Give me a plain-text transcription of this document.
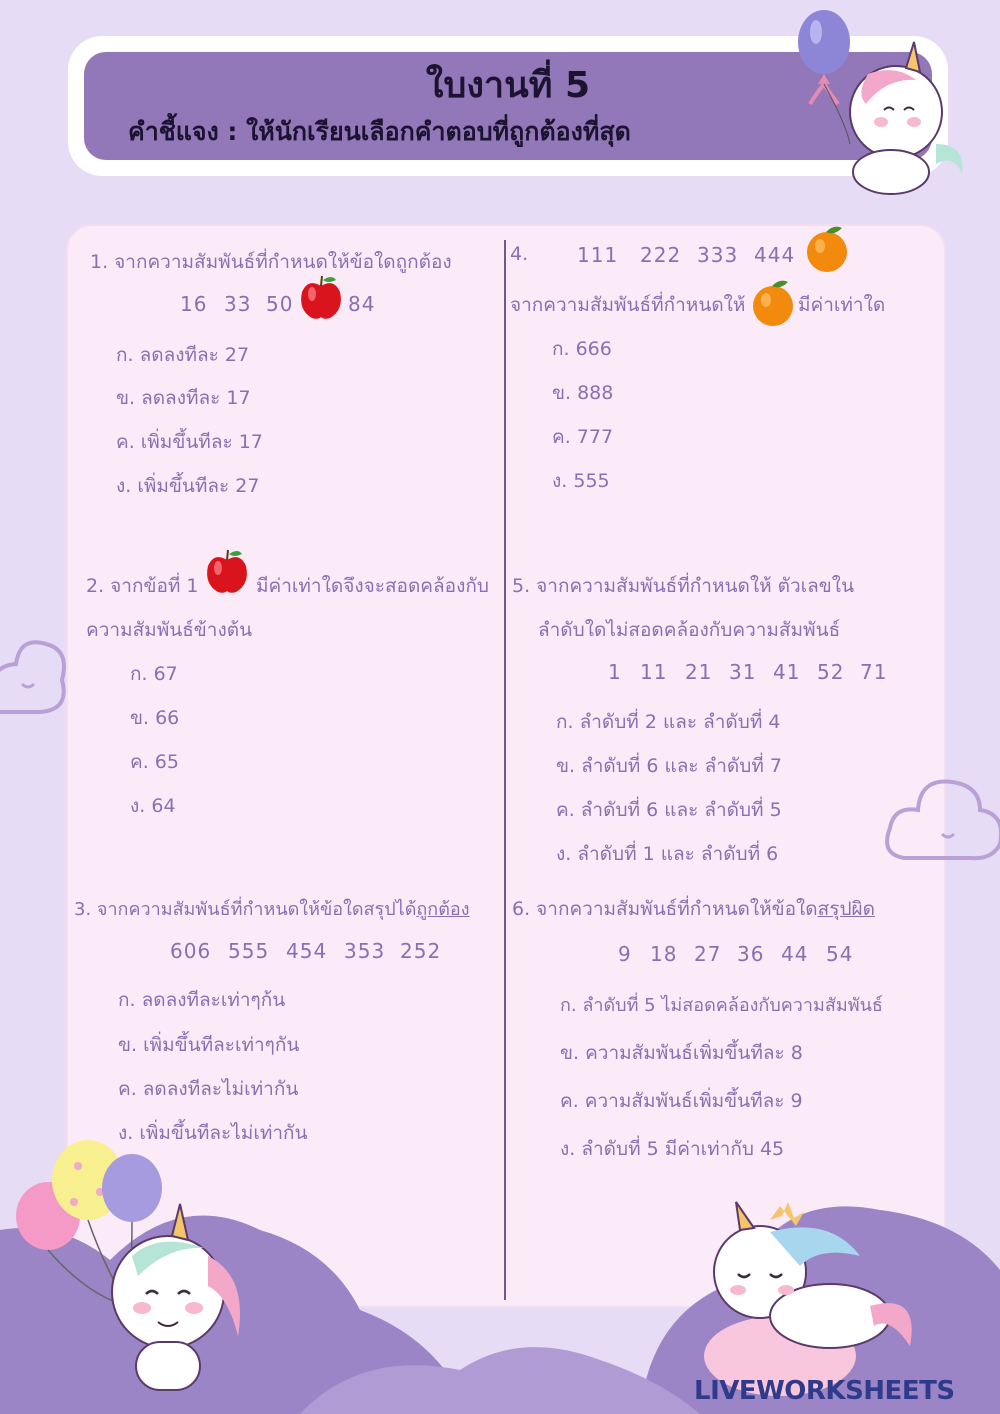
ใบงานที่ 5
คำชี้แจง : ให้นักเรียนเลือกคำตอบที่ถูกต้องที่สุด
1. จากความสัมพันธ์ที่กำหนดให้ข้อใดถูกต้อง
16 33 50	84
ก. ลดลงทีละ 27
ข. ลดลงทีละ 17
ค. เพิ่มขึ้นทีละ 17
ง. เพิ่มขึ้นทีละ 27
2. จากข้อที่ 1	มีค่าเท่าใดจึงจะสอดคล้องกับ
ความสัมพันธ์ข้างต้น
ก. 67
ข. 66
ค. 65
ง. 64
3. จากความสัมพันธ์ที่กำหนดให้ข้อใดสรุปได้ถูกต้อง
606 555 454 353 252
ก. ลดลงทีละเท่าๆก้น
ข. เพิ่มขึ้นทีละเท่าๆกัน
ค. ลดลงทีละไม่เท่ากัน
ง. เพิ่มขึ้นทีละไม่เท่ากัน
4. 111 222 333 444
จากความสัมพันธ์ที่กำหนดให้	มีค่าเท่าใด
ก. 666
ข. 888
ค. 777
ง. 555
5. จากความสัมพันธ์ที่กำหนดให้ ตัวเลขใน
ลำดับใดไม่สอดคล้องกับความสัมพันธ์
1 11 21 31 41 52 71
ก. ลำดับที่ 2 และ ลำดับที่ 4
ข. ลำดับที่ 6 และ ลำดับที่ 7
ค. ลำดับที่ 6 และ ลำดับที่ 5
ง. ลำดับที่ 1 และ ลำดับที่ 6
6. จากความสัมพันธ์ที่กำหนดให้ข้อใดสรุปผิด
9 18 27 36 44 54
ก. ลำดับที่ 5 ไม่สอดคล้องกับความสัมพันธ์
ข. ความสัมพันธ์เพิ่มขึ้นทีละ 8
ค. ความสัมพันธ์เพิ่มขึ้นทีละ 9
ง. ลำดับที่ 5 มีค่าเท่ากับ 45
LIVEWORKSHEETS
